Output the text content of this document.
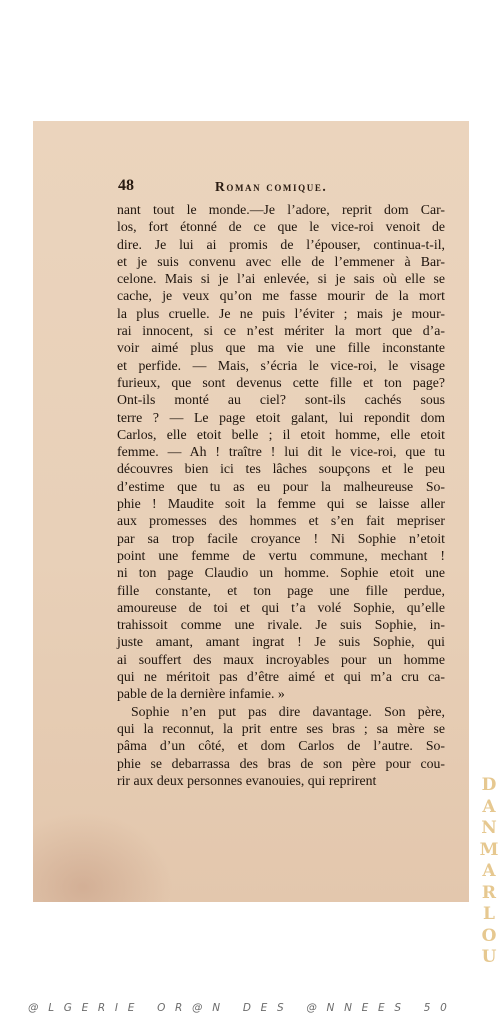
48	Roman comique.
nant tout le monde.—Je l’adore, reprit dom Car-
los, fort étonné de ce que le vice-roi venoit de
dire. Je lui ai promis de l’épouser, continua-t-il,
et je suis convenu avec elle de l’emmener à Bar-
celone. Mais si je l’ai enlevée, si je sais où elle se
cache, je veux qu’on me fasse mourir de la mort
la plus cruelle. Je ne puis l’éviter ; mais je mour-
rai innocent, si ce n’est mériter la mort que d’a-
voir aimé plus que ma vie une fille inconstante
et perfide. — Mais, s’écria le vice-roi, le visage
furieux, que sont devenus cette fille et ton page?
Ont-ils monté au ciel? sont-ils cachés sous
terre ? — Le page etoit galant, lui repondit dom
Carlos, elle etoit belle ; il etoit homme, elle etoit
femme. — Ah ! traître ! lui dit le vice-roi, que tu
découvres bien ici tes lâches soupçons et le peu
d’estime que tu as eu pour la malheureuse So-
phie ! Maudite soit la femme qui se laisse aller
aux promesses des hommes et s’en fait mepriser
par sa trop facile croyance ! Ni Sophie n’etoit
point une femme de vertu commune, mechant !
ni ton page Claudio un homme. Sophie etoit une
fille constante, et ton page une fille perdue,
amoureuse de toi et qui t’a volé Sophie, qu’elle
trahissoit comme une rivale. Je suis Sophie, in-
juste amant, amant ingrat ! Je suis Sophie, qui
ai souffert des maux incroyables pour un homme
qui ne méritoit pas d’être aimé et qui m’a cru ca-
pable de la dernière infamie. »
Sophie n’en put pas dire davantage. Son père,
qui la reconnut, la prit entre ses bras ; sa mère se
pâma d’un côté, et dom Carlos de l’autre. So-
phie se debarrassa des bras de son père pour cou-
rir aux deux personnes evanouies, qui reprirent	D
A
N
M
A
R
L
O
U
@LGERIE OR@N DES @NNEES 50
